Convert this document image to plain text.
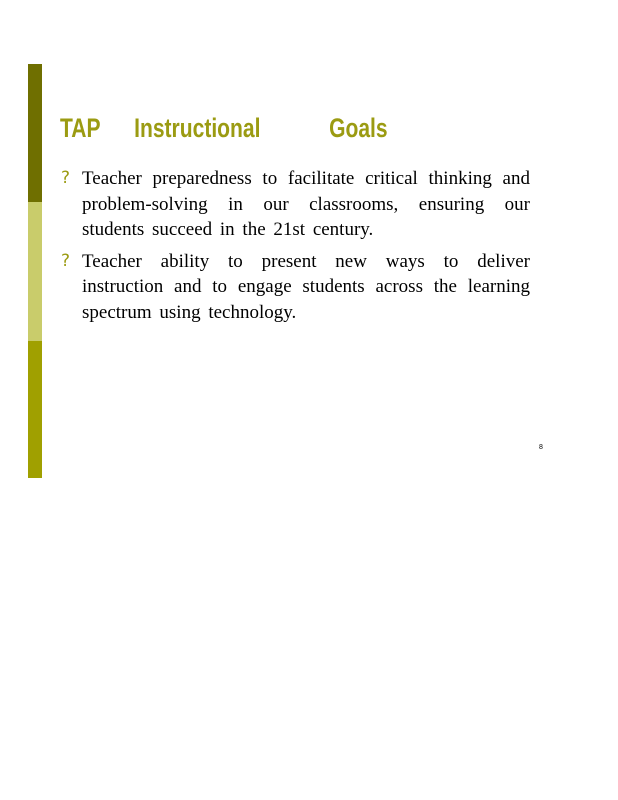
TAP Instructional	Goals
? Teacher preparedness to facilitate critical thinking and problem-solving in our classrooms, ensuring our students succeed in the 21st century.
? Teacher ability to present new ways to deliver instruction and to engage students across the learning spectrum using technology.
8
